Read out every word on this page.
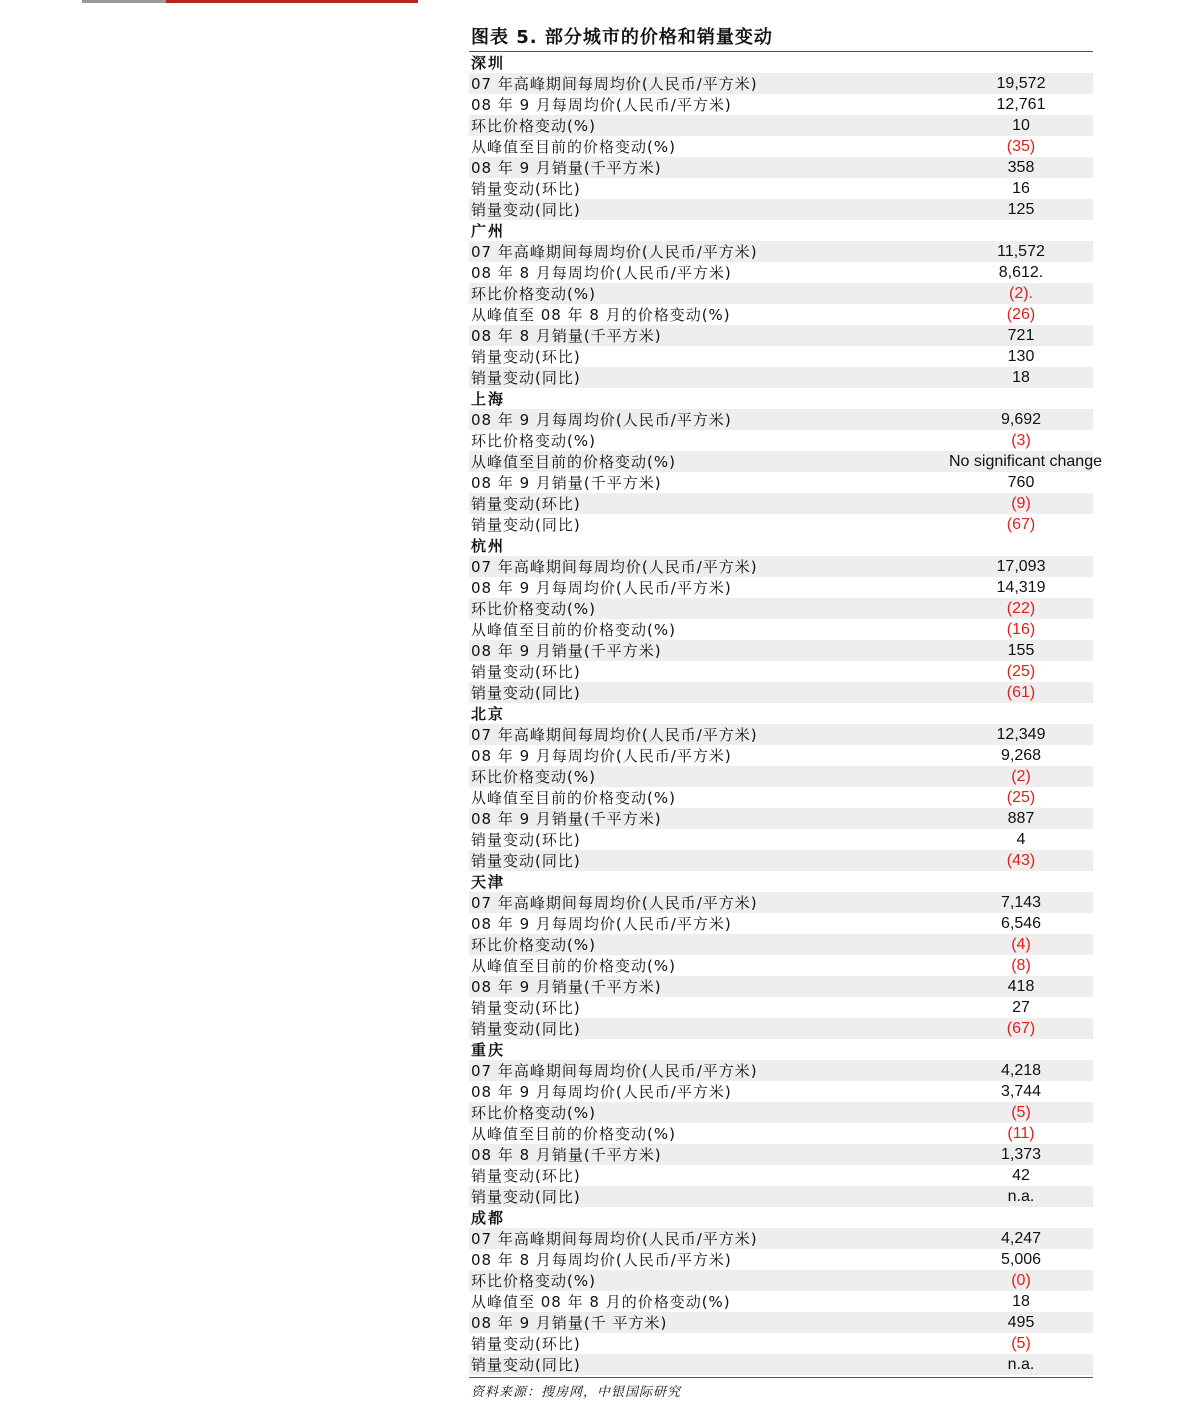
图表 5. 部分城市的价格和销量变动
深圳
07 年高峰期间每周均价(人民币/平方米)	19,572
08 年 9 月每周均价(人民币/平方米)	12,761
环比价格变动(%)	10
从峰值至目前的价格变动(%)	(35)
08 年 9 月销量(千平方米)	358
销量变动(环比)	16
销量变动(同比)	125
广州
07 年高峰期间每周均价(人民币/平方米)	11,572
08 年 8 月每周均价(人民币/平方米)	8,612.
环比价格变动(%)	(2).
从峰值至 08 年 8 月的价格变动(%)	(26)
08 年 8 月销量(千平方米)	721
销量变动(环比)	130
销量变动(同比)	18
上海
08 年 9 月每周均价(人民币/平方米)	9,692
环比价格变动(%)	(3)
从峰值至目前的价格变动(%)	No significant change
08 年 9 月销量(千平方米)	760
销量变动(环比)	(9)
销量变动(同比)	(67)
杭州
07 年高峰期间每周均价(人民币/平方米)	17,093
08 年 9 月每周均价(人民币/平方米)	14,319
环比价格变动(%)	(22)
从峰值至目前的价格变动(%)	(16)
08 年 9 月销量(千平方米)	155
销量变动(环比)	(25)
销量变动(同比)	(61)
北京
07 年高峰期间每周均价(人民币/平方米)	12,349
08 年 9 月每周均价(人民币/平方米)	9,268
环比价格变动(%)	(2)
从峰值至目前的价格变动(%)	(25)
08 年 9 月销量(千平方米)	887
销量变动(环比)	4
销量变动(同比)	(43)
天津
07 年高峰期间每周均价(人民币/平方米)	7,143
08 年 9 月每周均价(人民币/平方米)	6,546
环比价格变动(%)	(4)
从峰值至目前的价格变动(%)	(8)
08 年 9 月销量(千平方米)	418
销量变动(环比)	27
销量变动(同比)	(67)
重庆
07 年高峰期间每周均价(人民币/平方米)	4,218
08 年 9 月每周均价(人民币/平方米)	3,744
环比价格变动(%)	(5)
从峰值至目前的价格变动(%)	(11)
08 年 8 月销量(千平方米)	1,373
销量变动(环比)	42
销量变动(同比)	n.a.
成都
07 年高峰期间每周均价(人民币/平方米)	4,247
08 年 8 月每周均价(人民币/平方米)	5,006
环比价格变动(%)	(0)
从峰值至 08 年 8 月的价格变动(%)	18
08 年 9 月销量(千 平方米)	495
销量变动(环比)	(5)
销量变动(同比)	n.a.
资料来源：搜房网，中银国际研究
